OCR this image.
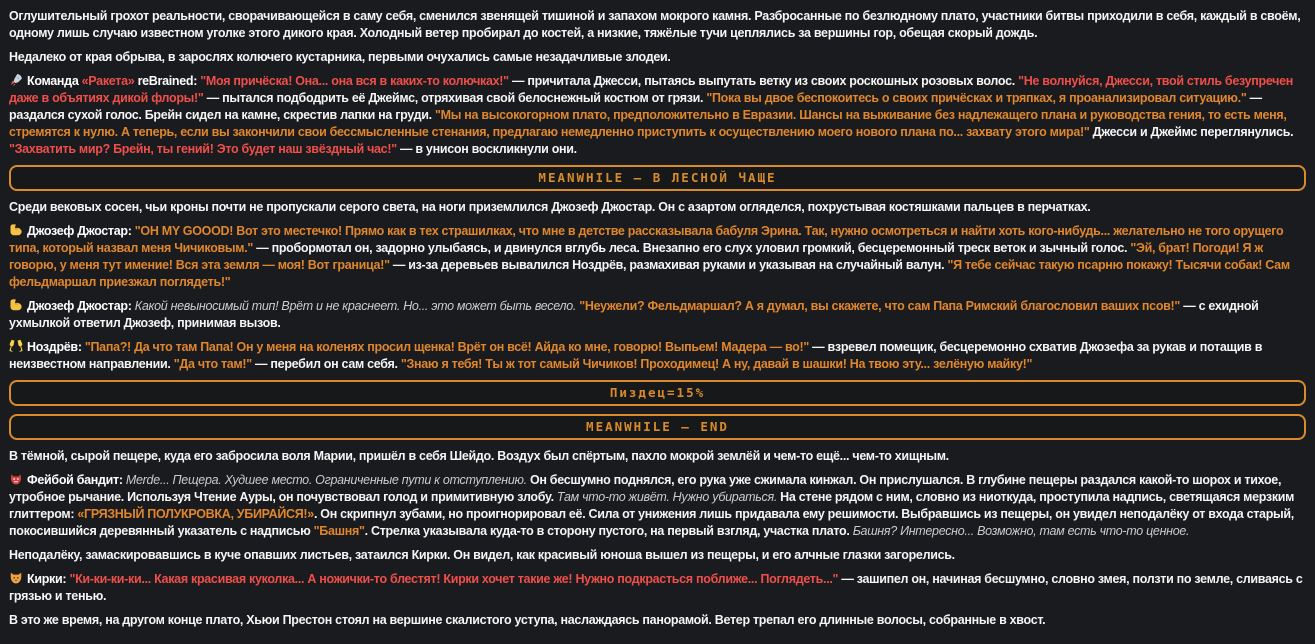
Оглушительный грохот реальности, сворачивающейся в саму себя, сменился звенящей тишиной и запахом мокрого камня. Разбросанные по безлюдному плато, участники битвы приходили в себя, каждый в своём, одному лишь случаю известном уголке этого дикого края. Холодный ветер пробирал до костей, а низкие, тяжёлые тучи цеплялись за вершины гор, обещая скорый дождь.

Недалеко от края обрыва, в зарослях колючего кустарника, первыми очухались самые незадачливые злодеи.

Команда «Ракета» reBrained: "Моя причёска! Она... она вся в каких-то колючках!" — причитала Джесси, пытаясь выпутать ветку из своих роскошных розовых волос. "Не волнуйся, Джесси, твой стиль безупречен даже в объятиях дикой флоры!" — пытался подбодрить её Джеймс, отряхивая свой белоснежный костюм от грязи. "Пока вы двое беспокоитесь о своих причёсках и тряпках, я проанализировал ситуацию." — раздался сухой голос. Брейн сидел на камне, скрестив лапки на груди. "Мы на высокогорном плато, предположительно в Евразии. Шансы на выживание без надлежащего плана и руководства гения, то есть меня, стремятся к нулю. А теперь, если вы закончили свои бессмысленные стенания, предлагаю немедленно приступить к осуществлению моего нового плана по... захвату этого мира!" Джесси и Джеймс переглянулись. "Захватить мир? Брейн, ты гений! Это будет наш звёздный час!" — в унисон воскликнули они.

MEANWHILE – В ЛЕСНОЙ ЧАЩЕ

Среди вековых сосен, чьи кроны почти не пропускали серого света, на ноги приземлился Джозеф Джостар. Он с азартом огляделся, похрустывая костяшками пальцев в перчатках.

Джозеф Джостар: "OH MY GOOOD! Вот это местечко! Прямо как в тех страшилках, что мне в детстве рассказывала бабуля Эрина. Так, нужно осмотреться и найти хоть кого-нибудь... желательно не того орущего типа, который назвал меня Чичиковым." — пробормотал он, задорно улыбаясь, и двинулся вглубь леса. Внезапно его слух уловил громкий, бесцеремонный треск веток и зычный голос. "Эй, брат! Погоди! Я ж говорю, у меня тут имение! Вся эта земля — моя! Вот граница!" — из-за деревьев вывалился Ноздрёв, размахивая руками и указывая на случайный валун. "Я тебе сейчас такую псарню покажу! Тысячи собак! Сам фельдмаршал приезжал поглядеть!"

Джозеф Джостар: Какой невыносимый тип! Врёт и не краснеет. Но... это может быть весело. "Неужели? Фельдмаршал? А я думал, вы скажете, что сам Папа Римский благословил ваших псов!" — с ехидной ухмылкой ответил Джозеф, принимая вызов.

Ноздрёв: "Папа?! Да что там Папа! Он у меня на коленях просил щенка! Врёт он всё! Айда ко мне, говорю! Выпьем! Мадера — во!" — взревел помещик, бесцеремонно схватив Джозефа за рукав и потащив в неизвестном направлении. "Да что там!" — перебил он сам себя. "Знаю я тебя! Ты ж тот самый Чичиков! Проходимец! А ну, давай в шашки! На твою эту... зелёную майку!"

Пиздец=15%
MEANWHILE – END

В тёмной, сырой пещере, куда его забросила воля Марии, пришёл в себя Шейдо. Воздух был спёртым, пахло мокрой землёй и чем-то ещё... чем-то хищным.

Фейбой бандит: Merde... Пещера. Худшее место. Ограниченные пути к отступлению. Он бесшумно поднялся, его рука уже сжимала кинжал. Он прислушался. В глубине пещеры раздался какой-то шорох и тихое, утробное рычание. Используя Чтение Ауры, он почувствовал голод и примитивную злобу. Там что-то живёт. Нужно убираться. На стене рядом с ним, словно из ниоткуда, проступила надпись, светящаяся мерзким глиттером: «ГРЯЗНЫЙ ПОЛУКРОВКА, УБИРАЙСЯ!». Он скрипнул зубами, но проигнорировал её. Сила от унижения лишь придавала ему решимости. Выбравшись из пещеры, он увидел неподалёку от входа старый, покосившийся деревянный указатель с надписью "Башня". Стрелка указывала куда-то в сторону пустого, на первый взгляд, участка плато. Башня? Интересно... Возможно, там есть что-то ценное.

Неподалёку, замаскировавшись в куче опавших листьев, затаился Кирки. Он видел, как красивый юноша вышел из пещеры, и его алчные глазки загорелись.

Кирки: "Ки-ки-ки-ки... Какая красивая куколка... А ножички-то блестят! Кирки хочет такие же! Нужно подкрасться поближе... Поглядеть..." — зашипел он, начиная бесшумно, словно змея, ползти по земле, сливаясь с грязью и тенью.

В это же время, на другом конце плато, Хьюи Престон стоял на вершине скалистого уступа, наслаждаясь панорамой. Ветер трепал его длинные волосы, собранные в хвост.
